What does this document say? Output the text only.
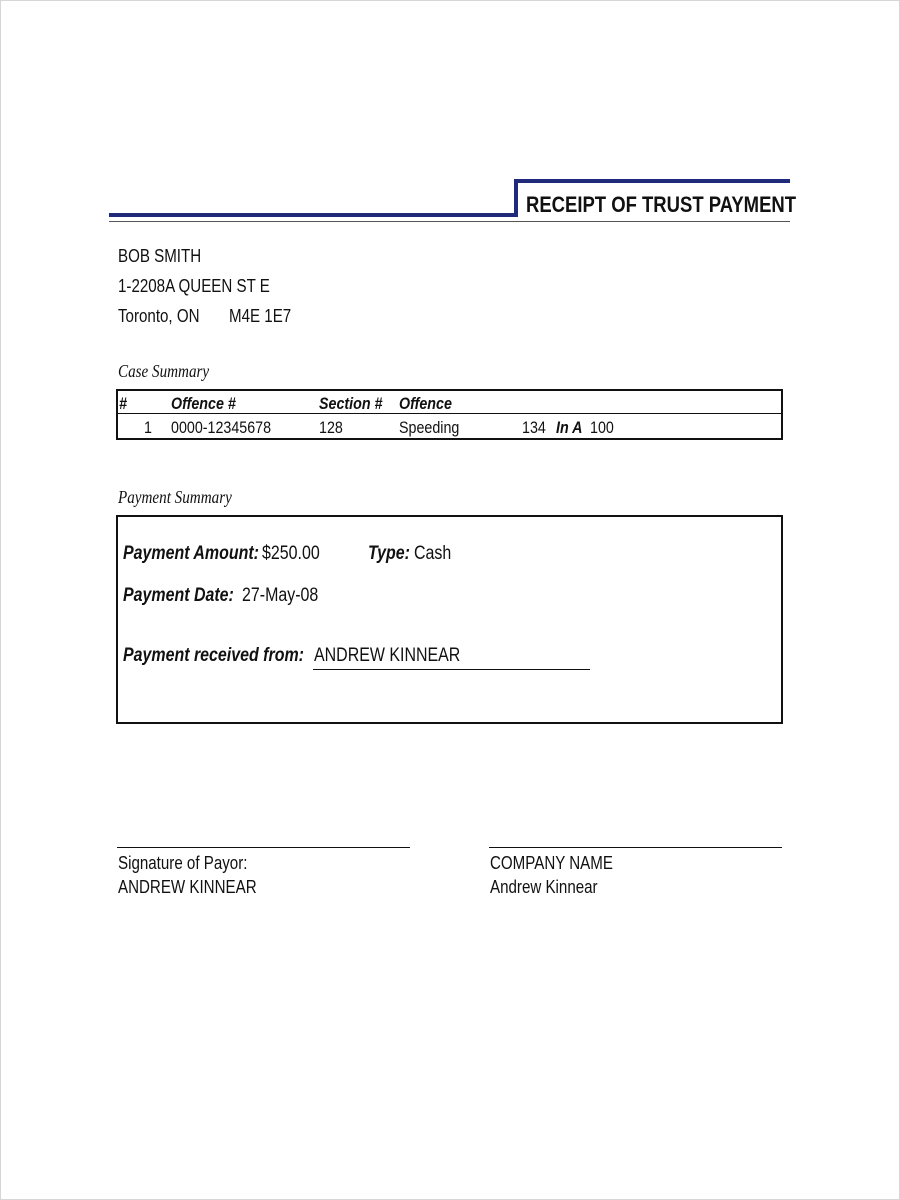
RECEIPT OF TRUST PAYMENT
BOB SMITH
1-2208A QUEEN ST E
Toronto, ON	M4E 1E7
Case Summary
#	Offence #	Section # Offence
1 0000-12345678	128	Speeding	134 In A 100
Payment Summary
Payment Amount: $250.00	Type: Cash
Payment Date: 27-May-08
Payment received from: ANDREW KINNEAR
Signature of Payor:
ANDREW KINNEAR
COMPANY NAME
Andrew Kinnear
